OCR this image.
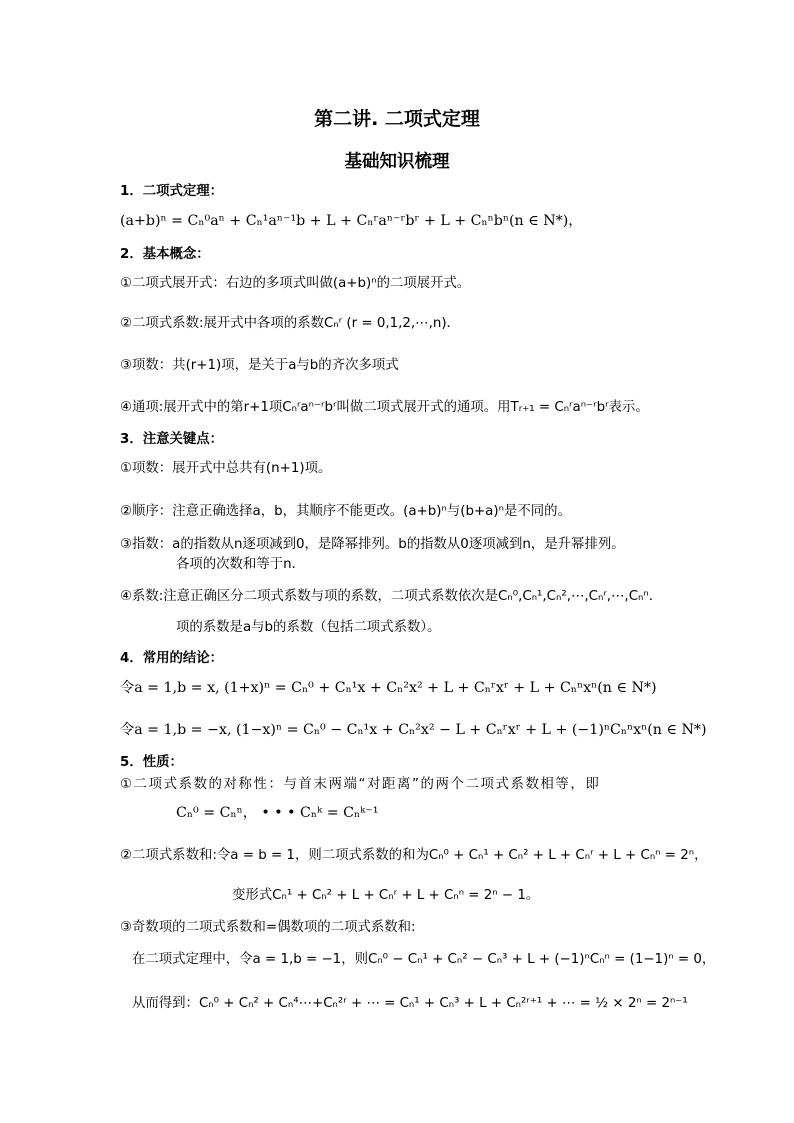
第二讲. 二项式定理
基础知识梳理
1．二项式定理：
(a+b)ⁿ = Cₙ⁰aⁿ + Cₙ¹aⁿ⁻¹b + L + Cₙʳaⁿ⁻ʳbʳ + L + Cₙⁿbⁿ(n ∈ N*)，
2．基本概念：
①二项式展开式：右边的多项式叫做(a+b)ⁿ的二项展开式。
②二项式系数:展开式中各项的系数Cₙʳ (r = 0,1,2,⋯,n)．
③项数：共(r+1)项，是关于a与b的齐次多项式
④通项:展开式中的第r+1项Cₙʳaⁿ⁻ʳbʳ叫做二项式展开式的通项。用Tᵣ₊₁ = Cₙʳaⁿ⁻ʳbʳ表示。
3．注意关键点：
①项数：展开式中总共有(n+1)项。
②顺序：注意正确选择a，b，其顺序不能更改。(a+b)ⁿ与(b+a)ⁿ是不同的。
③指数：a的指数从n逐项减到0，是降幂排列。b的指数从0逐项减到n，是升幂排列。
各项的次数和等于n．
④系数:注意正确区分二项式系数与项的系数，二项式系数依次是Cₙ⁰,Cₙ¹,Cₙ²,⋯,Cₙʳ,⋯,Cₙⁿ.
项的系数是a与b的系数（包括二项式系数）。
4．常用的结论：
令a = 1,b = x, (1+x)ⁿ = Cₙ⁰ + Cₙ¹x + Cₙ²x² + L + Cₙʳxʳ + L + Cₙⁿxⁿ(n ∈ N*)
令a = 1,b = −x, (1−x)ⁿ = Cₙ⁰ − Cₙ¹x + Cₙ²x² − L + Cₙʳxʳ + L + (−1)ⁿCₙⁿxⁿ(n ∈ N*)
5．性质：
①二项式系数的对称性：与首末两端“对距离”的两个二项式系数相等，即
Cₙ⁰ = Cₙⁿ， • • • Cₙᵏ = Cₙᵏ⁻¹
②二项式系数和:令a = b = 1，则二项式系数的和为Cₙ⁰ + Cₙ¹ + Cₙ² + L + Cₙʳ + L + Cₙⁿ = 2ⁿ，
变形式Cₙ¹ + Cₙ² + L + Cₙʳ + L + Cₙⁿ = 2ⁿ − 1。
③奇数项的二项式系数和=偶数项的二项式系数和:
在二项式定理中，令a = 1,b = −1，则Cₙ⁰ − Cₙ¹ + Cₙ² − Cₙ³ + L + (−1)ⁿCₙⁿ = (1−1)ⁿ = 0，
从而得到：Cₙ⁰ + Cₙ² + Cₙ⁴⋯+Cₙ²ʳ + ⋯ = Cₙ¹ + Cₙ³ + L + Cₙ²ʳ⁺¹ + ⋯ = ½ × 2ⁿ = 2ⁿ⁻¹
